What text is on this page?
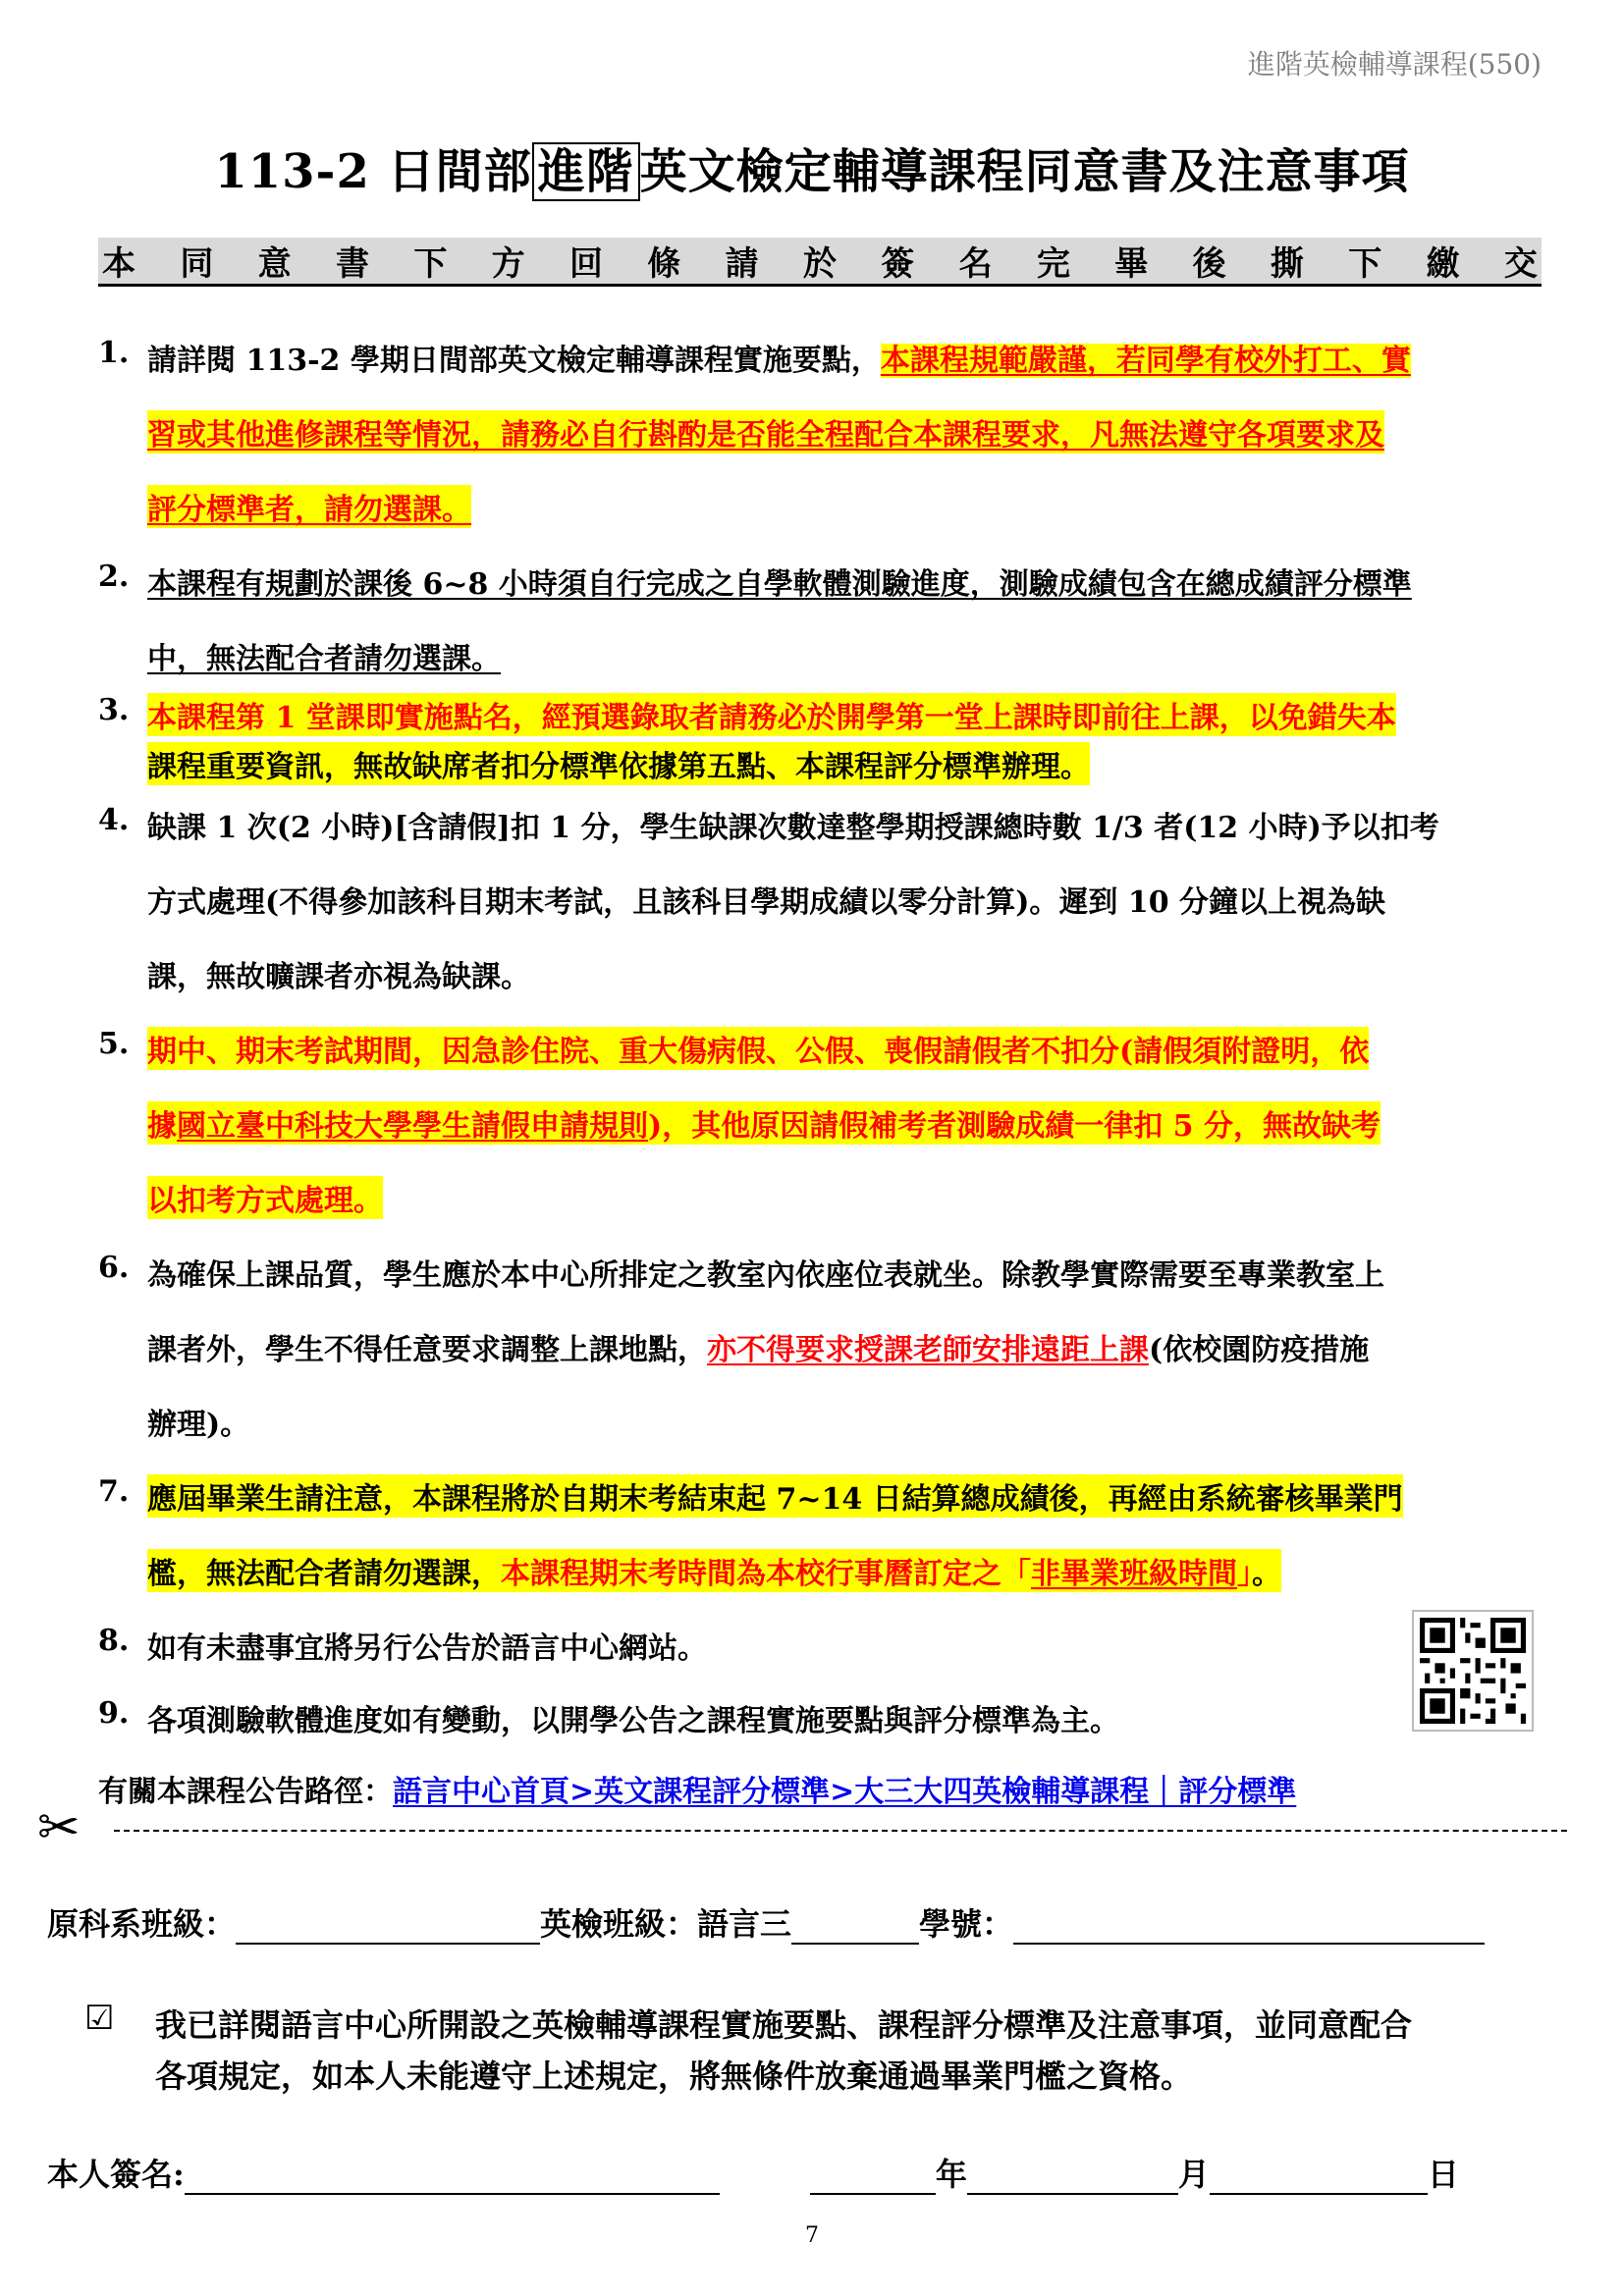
進階英檢輔導課程(550)
113-2 日間部 進階 英文檢定輔導課程同意書及注意事項
本 同 意 書 下 方 回 條 請 於 簽 名 完 畢 後 撕 下 繳 交
1. 請詳閱 113-2 學期日間部英文檢定輔導課程實施要點，本課程規範嚴謹，若同學有校外打工、實
習或其他進修課程等情況，請務必自行斟酌是否能全程配合本課程要求，凡無法遵守各項要求及
評分標準者，請勿選課。
2. 本課程有規劃於課後 6~8 小時須自行完成之自學軟體測驗進度，測驗成績包含在總成績評分標準
中，無法配合者請勿選課。
3. 本課程第 1 堂課即實施點名，經預選錄取者請務必於開學第一堂上課時即前往上課，以免錯失本
課程重要資訊，無故缺席者扣分標準依據第五點、本課程評分標準辦理。
4. 缺課 1 次(2 小時)[含請假]扣 1 分，學生缺課次數達整學期授課總時數 1/3 者(12 小時)予以扣考
方式處理(不得參加該科目期末考試，且該科目學期成績以零分計算)。遲到 10 分鐘以上視為缺
課，無故曠課者亦視為缺課。
5. 期中、期末考試期間，因急診住院、重大傷病假、公假、喪假請假者不扣分(請假須附證明，依
據國立臺中科技大學學生請假申請規則)，其他原因請假補考者測驗成績一律扣 5 分，無故缺考
以扣考方式處理。
6. 為確保上課品質，學生應於本中心所排定之教室內依座位表就坐。除教學實際需要至專業教室上
課者外，學生不得任意要求調整上課地點，亦不得要求授課老師安排遠距上課(依校園防疫措施
辦理)。
7. 應屆畢業生請注意，本課程將於自期末考結束起 7~14 日結算總成績後，再經由系統審核畢業門
檻，無法配合者請勿選課，本課程期末考時間為本校行事曆訂定之「非畢業班級時間」。
8. 如有未盡事宜將另行公告於語言中心網站。
9. 各項測驗軟體進度如有變動，以開學公告之課程實施要點與評分標準為主。
有關本課程公告路徑：語言中心首頁>英文課程評分標準>大三大四英檢輔導課程｜評分標準
✂
原科系班級：	英檢班級：語言三	學號：
☑ 我已詳閱語言中心所開設之英檢輔導課程實施要點、課程評分標準及注意事項，並同意配合
各項規定，如本人未能遵守上述規定，將無條件放棄通過畢業門檻之資格。
本人簽名:	年	月	日
7
